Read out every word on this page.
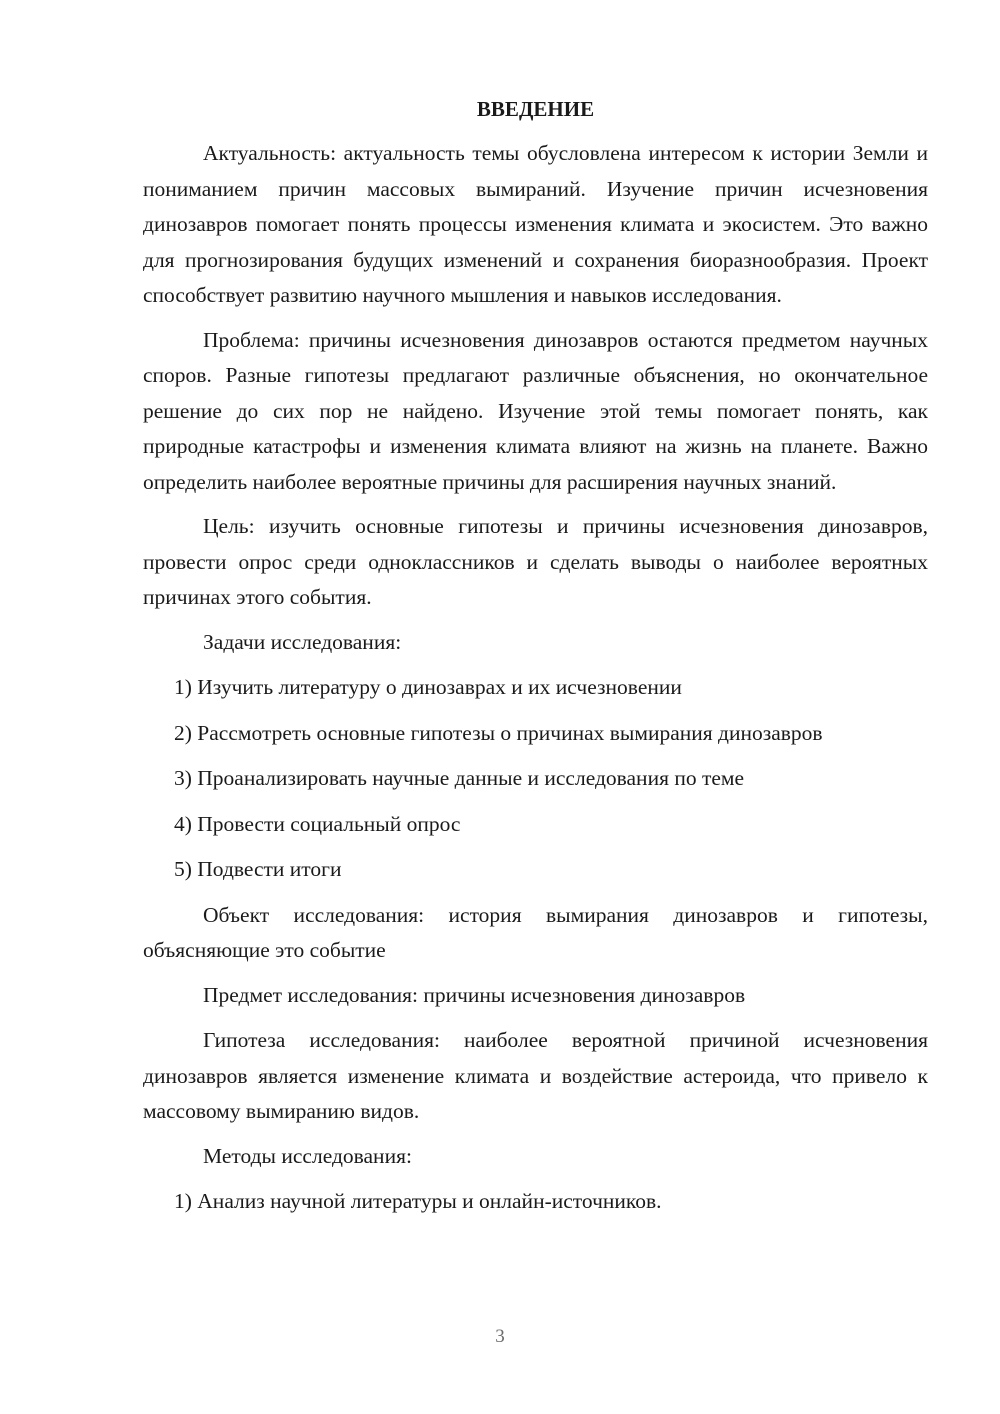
ВВЕДЕНИЕ

Актуальность: актуальность темы обусловлена интересом к истории Земли и пониманием причин массовых вымираний. Изучение причин исчезновения динозавров помогает понять процессы изменения климата и экосистем. Это важно для прогнозирования будущих изменений и сохранения биоразнообразия. Проект способствует развитию научного мышления и навыков исследования.

Проблема: причины исчезновения динозавров остаются предметом научных споров. Разные гипотезы предлагают различные объяснения, но окончательное решение до сих пор не найдено. Изучение этой темы помогает понять, как природные катастрофы и изменения климата влияют на жизнь на планете. Важно определить наиболее вероятные причины для расширения научных знаний.

Цель: изучить основные гипотезы и причины исчезновения динозавров, провести опрос среди одноклассников и сделать выводы о наиболее вероятных причинах этого события.

Задачи исследования:

1) Изучить литературу о динозаврах и их исчезновении

2) Рассмотреть основные гипотезы о причинах вымирания динозавров

3) Проанализировать научные данные и исследования по теме

4) Провести социальный опрос

5) Подвести итоги

Объект исследования: история вымирания динозавров и гипотезы, объясняющие это событие

Предмет исследования: причины исчезновения динозавров

Гипотеза исследования: наиболее вероятной причиной исчезновения динозавров является изменение климата и воздействие астероида, что привело к массовому вымиранию видов.

Методы исследования:

1) Анализ научной литературы и онлайн-источников.

3
